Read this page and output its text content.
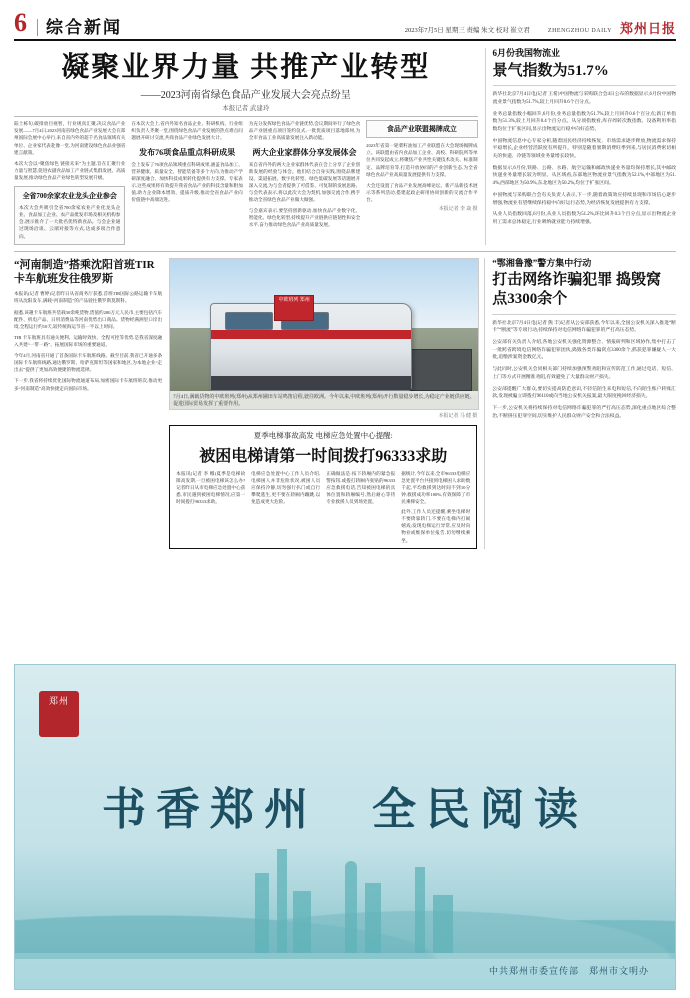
6	综合新闻	2023年7月5日 星期三 责编 朱文 校对 崔立君	ZHENGZHOU DAILY 郑州日报
凝聚业界力量 共推产业转型
——2023河南省绿色食品产业发展大会亮点纷呈
本报记者 武建玲
陆士栋旬,碳排放目视智，行业规真汇聚,决议食品产业发展——7月4日,2023河南省绿色食品产业发展大会在郑州国际会展中心举行,来自省内外的超千名食品领域有关单位、企业家代表赴豫一堂,为河南建设绿色食品业强省建言献策。
本次大会以“聚焦绿色 链接未来”为主题,旨在汇聚行业力量与智慧,促进农副食品加工产业链式集群发展、高质量发展,推动绿色食品产业绿色转型发展升级。
全省700余家农业龙头企业参会
本次大会共吸引全省700余家农业产业化龙头企业、食品加工企业、农产品批发市场及相关机构参会,展示推介了一大批名优特新食品。与会企业通过现场洽谈、云端对接等方式,达成多项合作意向。
在本次大会上,省内外知名食品企业、科研机构、行业组织负责人齐聚一堂,围绕绿色食品产业发展的热点难点问题展开研讨交流,共商食品产业绿色发展大计。
发布76项食品重点科研成果
会上发布了76项食品领域重点科研成果,涵盖食品加工、营养健康、质量安全、智能装备等多个方向,为推动产学研深度融合、加快科技成果转化提供有力支撑。专家表示,这些成果将有效提升我省食品产业的科技含量和附加值,助力企业降本增效、提质升级,推动全省食品产业向价值链中高端迈进。
为充分发挥绿色食品产业链优势,会议期间举行了绿色食品产业链重点项目签约仪式,一批优质项目落地郑州,为全市食品工业高质量发展注入新动能。
两大企业家群体分享发展体会
来自省内外的两大企业家群体代表在会上分享了企业创新发展的经验与体会。他们结合自身实践,围绕品牌建设、渠道拓展、数字化转型、绿色低碳发展等话题展开深入交流,为与会者提供了可借鉴、可复制的发展思路。与会代表表示,将以此次大会为契机,加强交流合作,携手推动全省绿色食品产业做大做强。
与会嘉宾表示,要坚持创新驱动,加快食品产业数字化、智能化、绿色化转型,持续提升产业链供应链韧性和安全水平,奋力推动绿色食品产业高质量发展。
食品产业联盟揭牌成立
2023年省第一轮菜籽油加工产业联盟在大会现场揭牌成立。该联盟由省内食品加工企业、高校、科研院所等单位共同发起成立,将聚焦产业共性关键技术攻关、标准制定、品牌培育等,打造开放协同的产业创新生态,为全省绿色食品产业高质量发展提供有力支撑。
大会还设置了食品产业发展高峰论坛、新产品新技术展示等系列活动,搭建起政企研用协同创新的交流合作平台。
本报记者 李 焱 摄
6月份我国物流业
景气指数为51.7%
新华社北京7月4日电(记者 王希)中国物流与采购联合会4日公布的数据显示,6月份中国物流业景气指数为51.7%,较上月回升0.6个百分点。
业务总量指数小幅回升,6月份,业务总量指数为51.7%,较上月回升0.6个百分点;新订单指数为51.3%,较上月回升0.4个百分点。从分项指数看,库存周转次数指数、设备利用率指数均位于扩张区间,显示出物流运行稳中向好态势。
中国物流信息中心专家分析,随着国民经济持续恢复、市场需求逐步释放,物流需求保持平稳增长,企业经营活跃度有所提升。特别是随着暑期消费旺季到来,与居民消费密切相关的快递、冷链等领域业务量增长较快。
数据显示,6月份,铁路、公路、水路、航空运输和邮政快递业务量均保持增长,其中邮政快递业务量增长较为明显。从区域看,东部地区物流业景气指数为52.1%,中部地区为51.4%,西部地区为50.9%,东北地区为50.2%,均位于扩张区间。
中国物流与采购联合会有关负责人表示,下一步,随着政策效应持续显现和市场信心逐步增强,物流业有望继续保持稳中向好运行态势,为经济恢复发展提供有力支撑。
从业人员指数回落,6月份,从业人员指数为51.2%,环比回升0.3个百分点,显示出物流企业用工需求总体稳定,行业吸纳就业能力持续增强。
“河南制造”搭乘沈阳首班TIR卡车航班发往俄罗斯
本报讯(记者 曹婷)记者昨日从省商务厅获悉,首班TIR国际公路运输卡车航班从沈阳发车,满载“河南制造”的产品驶往俄罗斯莫斯科。
据悉,该趟卡车航班共装载30余吨货物,货值约200万元人民币,主要包括汽车配件、机电产品、日用消费品等河南优势出口商品。货物经满洲里口岸出境,全程运行约10天,较传统海运节省一半以上时间。
TIR 卡车航班具有通关便利、运输时效快、全程可控等优势,是我省深度融入共建“一带一路”、拓展国际市场的重要通道。
今年4月,河南省开通了首条国际卡车航班线路。截至目前,我省已开通多条国际卡车航班线路,通达俄罗斯、哈萨克斯坦等国家和地区,为本地企业“走出去”提供了更加高效便捷的物流选择。
下一步,我省将持续优化国际物流通道布局,加密国际卡车航班班次,推动更多“河南制造”高效快捷走向国际市场。
中欧班列 郑州
7月4日,满载货物的中欧班列(郑州)从郑州圃田车站鸣笛启程,驶往欧洲。今年以来,中欧班列(郑州)开行数量稳步增长,为稳定产业链供应链、促进国际贸易发挥了重要作用。
本报记者 马 健 摄
夏季电梯事故高发 电梯应急处置中心提醒:
被困电梯请第一时间拨打96333求助
本报讯(记者 李 娜)夏季是电梯故障高发期,一旦被困电梯该怎么办?记者昨日从市电梯应急处置中心获悉,市民遇到被困电梯情况,应第一时间拨打96333求助。
电梯应急处置中心工作人员介绍,电梯困人并非危险状况,被困人员应保持冷静,切勿强行扒门或自行攀爬逃生,更不要在轿厢内蹦跳,以免造成更大危险。
正确做法是:按下轿厢内的紧急报警按钮,或拨打轿厢内张贴的96333应急救援电话,告知被困电梯的具体位置和轿厢编号,然后耐心等待专业救援人员到场处置。
据统计,今年以来,全市96333电梯应急处置平台共接到电梯困人求助数千起,平均救援到达时间不到10分钟,救援成功率100%,有效保障了市民乘梯安全。
此外,工作人员还提醒,乘坐电梯时不要倚靠轿门,不要在电梯内打闹嬉戏;发现电梯运行异常,应及时向物业或维保单位报告,切勿继续乘坐。
“鄂湘鲁豫”警方集中行动
打击网络诈骗犯罪 捣毁窝点3300余个
新华社北京7月4日电(记者 熊 丰)记者从公安部获悉,今年以来,全国公安机关深入推进“断卡”“断流”等专项行动,持续保持对电信网络诈骗犯罪的严打高压态势。
公安部有关负责人介绍,各地公安机关强化资源整合、情报研判和区域协作,集中打击了一批跨省跨境电信网络诈骗犯罪团伙,捣毁各类诈骗窝点3300余个,抓获犯罪嫌疑人一大批,追缴涉案资金数亿元。
与此同时,公安机关会同相关部门持续加强预警劝阻和宣传防范工作,通过电话、短信、上门等方式开展精准劝阻,有效避免了大量群众财产损失。
公安部提醒广大群众,要切实提高防范意识,不轻信陌生来电和短信,不向陌生账户转账汇款,发现被骗立即拨打96110或向当地公安机关报案,最大限度挽回经济损失。
下一步,公安机关将持续保持对电信网络诈骗犯罪的严打高压态势,深化重点地区综合整治,不断挤压犯罪空间,切实维护人民群众财产安全和合法权益。
郑州
书香郑州　全民阅读
中共郑州市委宣传部　郑州市文明办
